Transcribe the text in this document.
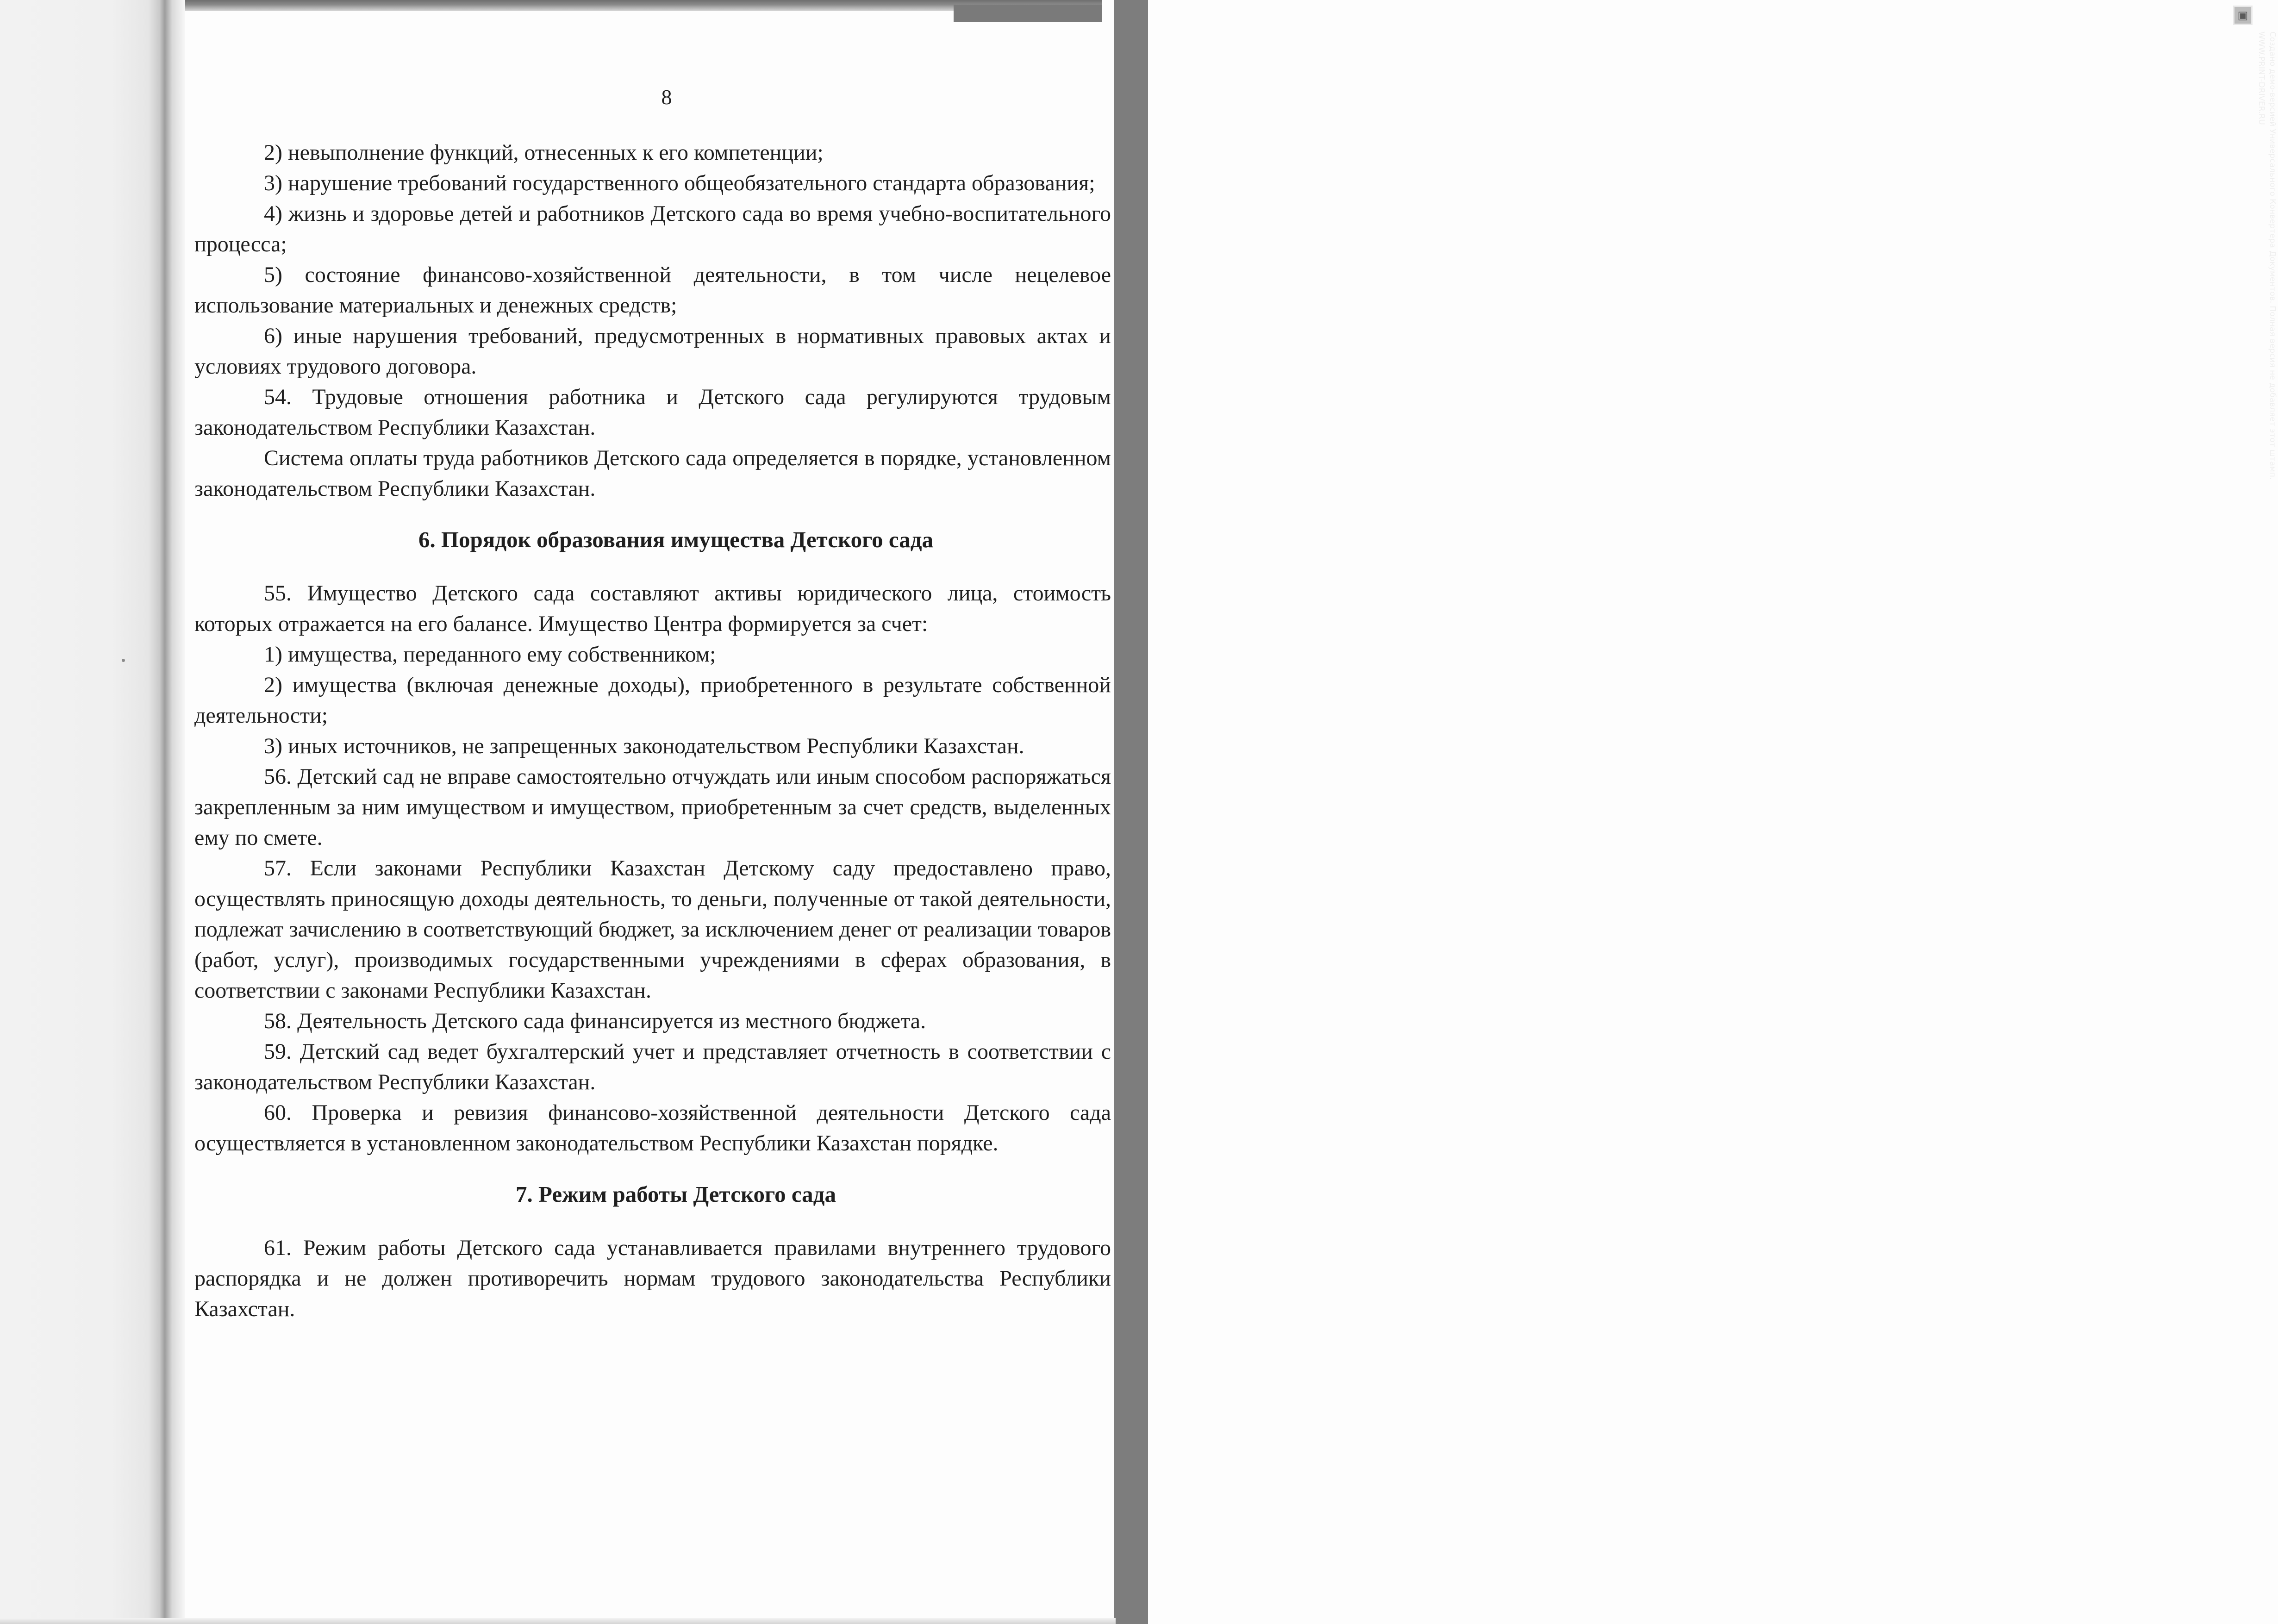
▣
Создано демо-версией Универсального Конвертера Документов. Полная версия не добавляет этот штамп.
WWW.PRINT-DRIVER.RU
8

2) невыполнение функций, отнесенных к его компетенции;

3) нарушение требований государственного общеобязательного стандарта образования;

4) жизнь и здоровье детей и работников Детского сада во время учебно-воспитательного процесса;

5) состояние финансово-хозяйственной деятельности, в том числе нецелевое использование материальных и денежных средств;

6) иные нарушения требований, предусмотренных в нормативных правовых актах и условиях трудового договора.

54. Трудовые отношения работника и Детского сада регулируются трудовым законодательством Республики Казахстан.

Система оплаты труда работников Детского сада определяется в порядке, установленном законодательством Республики Казахстан.

6. Порядок образования имущества Детского сада

55. Имущество Детского сада составляют активы юридического лица, стоимость которых отражается на его балансе. Имущество Центра формируется за счет:

1) имущества, переданного ему собственником;

2) имущества (включая денежные доходы), приобретенного в результате собственной деятельности;

3) иных источников, не запрещенных законодательством Республики Казахстан.

56. Детский сад не вправе самостоятельно отчуждать или иным способом распоряжаться закрепленным за ним имуществом и имуществом, приобретенным за счет средств, выделенных ему по смете.

57. Если законами Республики Казахстан Детскому саду предоставлено право, осуществлять приносящую доходы деятельность, то деньги, полученные от такой деятельности, подлежат зачислению в соответствующий бюджет, за исключением денег от реализации товаров (работ, услуг), производимых государственными учреждениями в сферах образования, в соответствии с законами Республики Казахстан.

58. Деятельность Детского сада финансируется из местного бюджета.

59. Детский сад ведет бухгалтерский учет и представляет отчетность в соответствии с законодательством Республики Казахстан.

60. Проверка и ревизия финансово-хозяйственной деятельности Детского сада осуществляется в установленном законодательством Республики Казахстан порядке.

7. Режим работы Детского сада

61. Режим работы Детского сада устанавливается правилами внутреннего трудового распорядка и не должен противоречить нормам трудового законодательства Республики Казахстан.
